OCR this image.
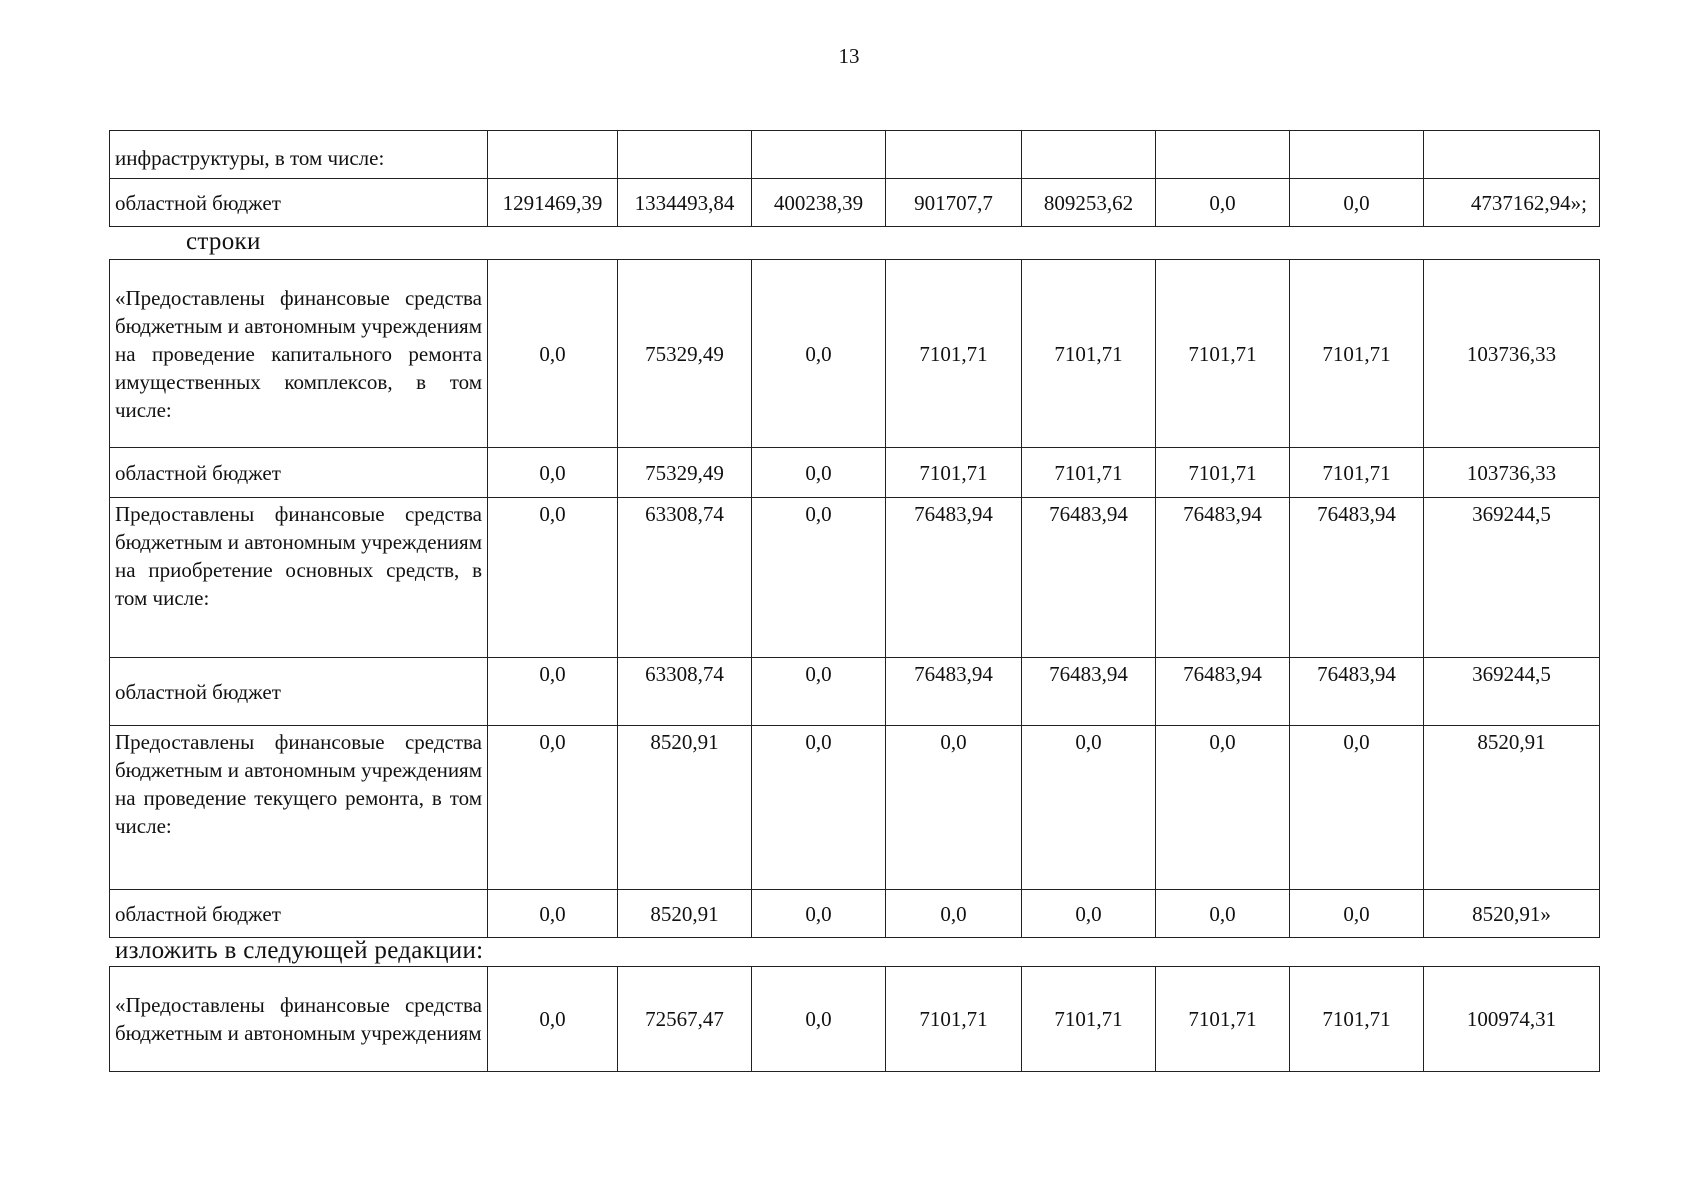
13
инфраструктуры, в том числе:								
областной бюджет	1291469,39	1334493,84	400238,39	901707,7	809253,62	0,0	0,0	4737162,94»;
строки
«Предоставлены финансовые средства бюджетным и автономным учреждениям на проведение капитального ремонта имущественных комплексов, в том числе:	0,0	75329,49	0,0	7101,71	7101,71	7101,71	7101,71	103736,33
областной бюджет	0,0	75329,49	0,0	7101,71	7101,71	7101,71	7101,71	103736,33
Предоставлены финансовые средства бюджетным и автономным учреждениям на приобретение основных средств, в том числе:	0,0	63308,74	0,0	76483,94	76483,94	76483,94	76483,94	369244,5
областной бюджет	0,0	63308,74	0,0	76483,94	76483,94	76483,94	76483,94	369244,5
Предоставлены финансовые средства бюджетным и автономным учреждениям на проведение текущего ремонта, в том числе:	0,0	8520,91	0,0	0,0	0,0	0,0	0,0	8520,91
областной бюджет	0,0	8520,91	0,0	0,0	0,0	0,0	0,0	8520,91»
изложить в следующей редакции:
«Предоставлены финансовые средства бюджетным и автономным учреждениям	0,0	72567,47	0,0	7101,71	7101,71	7101,71	7101,71	100974,31
